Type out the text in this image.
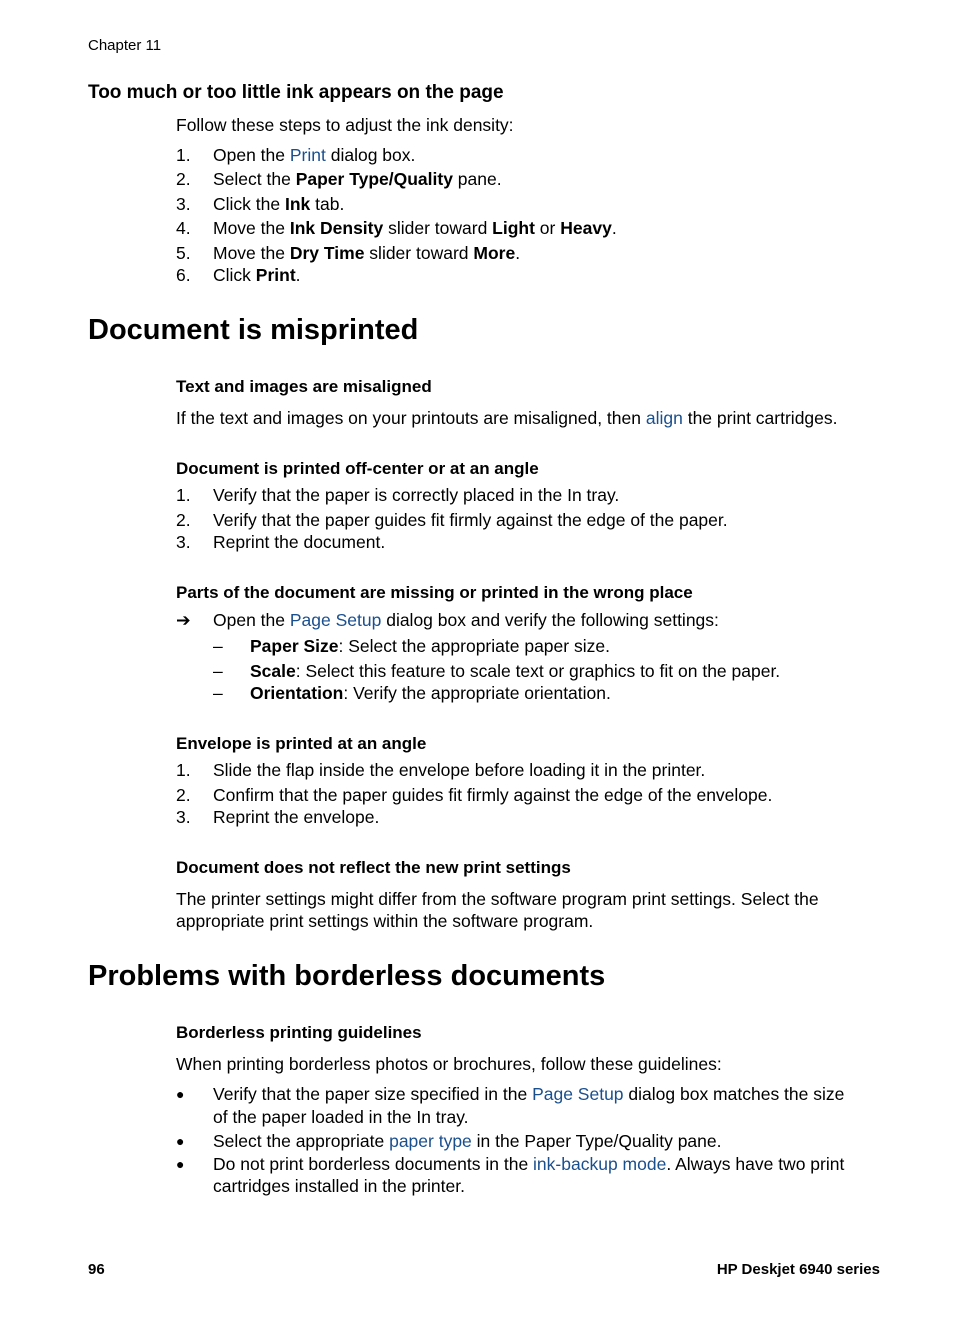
Chapter 11
Too much or too little ink appears on the page
Follow these steps to adjust the ink density:
1. Open the Print dialog box.
2. Select the Paper Type/Quality pane.
3. Click the Ink tab.
4. Move the Ink Density slider toward Light or Heavy.
5. Move the Dry Time slider toward More.
6. Click Print.
Document is misprinted
Text and images are misaligned
If the text and images on your printouts are misaligned, then align the print cartridges.
Document is printed off-center or at an angle
1. Verify that the paper is correctly placed in the In tray.
2. Verify that the paper guides fit firmly against the edge of the paper.
3. Reprint the document.
Parts of the document are missing or printed in the wrong place
➔ Open the Page Setup dialog box and verify the following settings:
– Paper Size: Select the appropriate paper size.
– Scale: Select this feature to scale text or graphics to fit on the paper.
– Orientation: Verify the appropriate orientation.
Envelope is printed at an angle
1. Slide the flap inside the envelope before loading it in the printer.
2. Confirm that the paper guides fit firmly against the edge of the envelope.
3. Reprint the envelope.
Document does not reflect the new print settings
The printer settings might differ from the software program print settings. Select the
appropriate print settings within the software program.
Problems with borderless documents
Borderless printing guidelines
When printing borderless photos or brochures, follow these guidelines:
● Verify that the paper size specified in the Page Setup dialog box matches the size
of the paper loaded in the In tray.
● Select the appropriate paper type in the Paper Type/Quality pane.
● Do not print borderless documents in the ink-backup mode. Always have two print
cartridges installed in the printer.
96	HP Deskjet 6940 series
